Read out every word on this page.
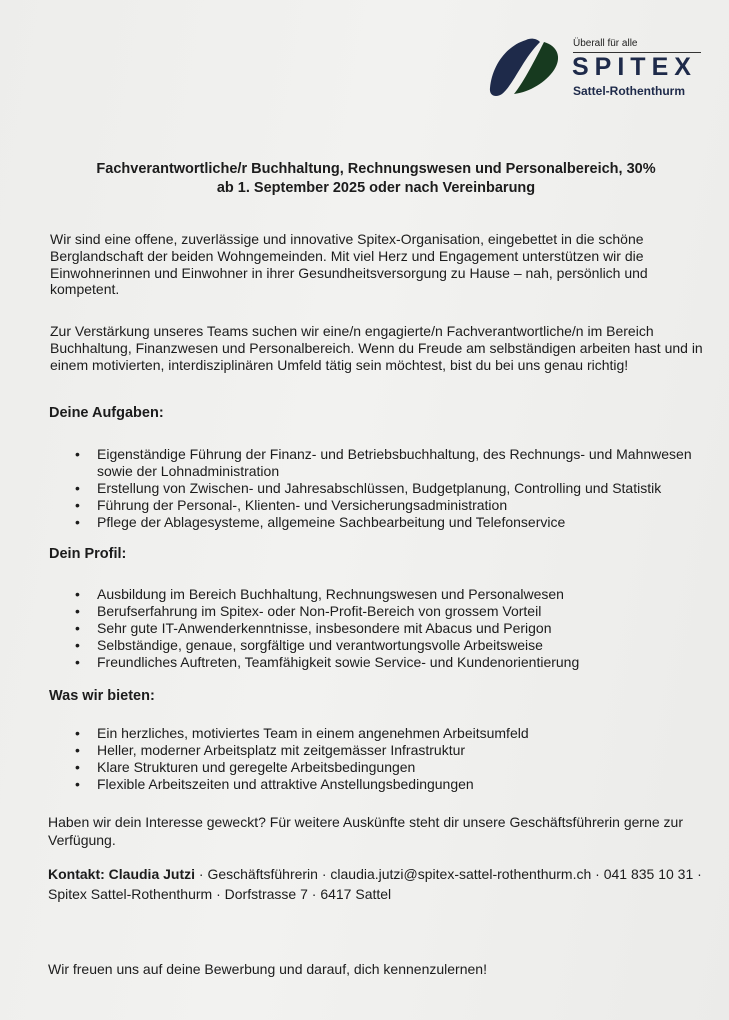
Überall für alle
SPITEX
Sattel-Rothenthurm
Fachverantwortliche/r Buchhaltung, Rechnungswesen und Personalbereich, 30%
ab 1. September 2025 oder nach Vereinbarung
Wir sind eine offene, zuverlässige und innovative Spitex-Organisation, eingebettet in die schöne Berglandschaft der beiden Wohngemeinden. Mit viel Herz und Engagement unterstützen wir die Einwohnerinnen und Einwohner in ihrer Gesundheitsversorgung zu Hause – nah, persönlich und kompetent.
Zur Verstärkung unseres Teams suchen wir eine/n engagierte/n Fachverantwortliche/n im Bereich Buchhaltung, Finanzwesen und Personalbereich. Wenn du Freude am selbständigen arbeiten hast und in einem motivierten, interdisziplinären Umfeld tätig sein möchtest, bist du bei uns genau richtig!
Deine Aufgaben:
• Eigenständige Führung der Finanz- und Betriebsbuchhaltung, des Rechnungs- und Mahnwesen sowie der Lohnadministration
• Erstellung von Zwischen- und Jahresabschlüssen, Budgetplanung, Controlling und Statistik
• Führung der Personal-, Klienten- und Versicherungsadministration
• Pflege der Ablagesysteme, allgemeine Sachbearbeitung und Telefonservice
Dein Profil:
• Ausbildung im Bereich Buchhaltung, Rechnungswesen und Personalwesen
• Berufserfahrung im Spitex- oder Non-Profit-Bereich von grossem Vorteil
• Sehr gute IT-Anwenderkenntnisse, insbesondere mit Abacus und Perigon
• Selbständige, genaue, sorgfältige und verantwortungsvolle Arbeitsweise
• Freundliches Auftreten, Teamfähigkeit sowie Service- und Kundenorientierung
Was wir bieten:
• Ein herzliches, motiviertes Team in einem angenehmen Arbeitsumfeld
• Heller, moderner Arbeitsplatz mit zeitgemässer Infrastruktur
• Klare Strukturen und geregelte Arbeitsbedingungen
• Flexible Arbeitszeiten und attraktive Anstellungsbedingungen
Haben wir dein Interesse geweckt? Für weitere Auskünfte steht dir unsere Geschäftsführerin gerne zur Verfügung.
Kontakt: Claudia Jutzi · Geschäftsführerin · claudia.jutzi@spitex-sattel-rothenthurm.ch · 041 835 10 31 · Spitex Sattel-Rothenthurm · Dorfstrasse 7 · 6417 Sattel
Wir freuen uns auf deine Bewerbung und darauf, dich kennenzulernen!
